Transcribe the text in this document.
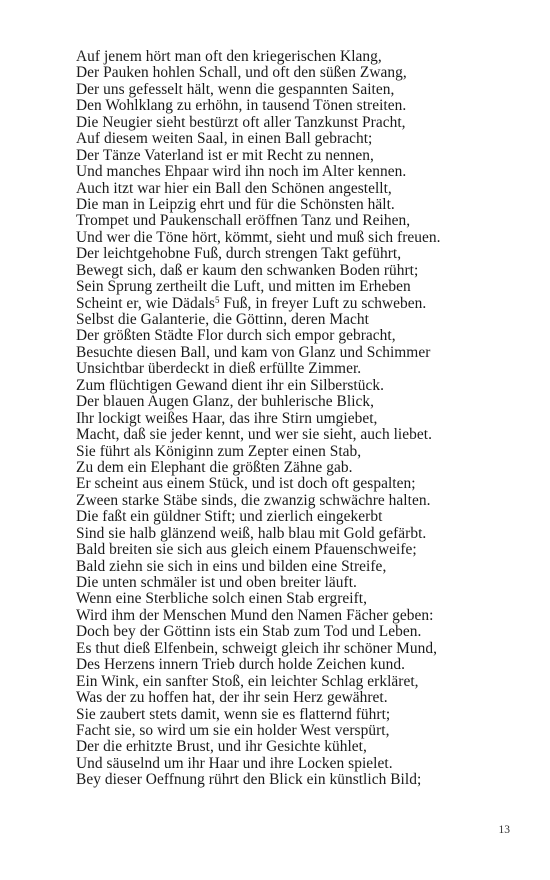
Auf jenem hört man oft den kriegerischen Klang,
Der Pauken hohlen Schall, und oft den süßen Zwang,
Der uns gefesselt hält, wenn die gespannten Saiten,
Den Wohlklang zu erhöhn, in tausend Tönen streiten.
Die Neugier sieht bestürzt oft aller Tanzkunst Pracht,
Auf diesem weiten Saal, in einen Ball gebracht;
Der Tänze Vaterland ist er mit Recht zu nennen,
Und manches Ehpaar wird ihn noch im Alter kennen.
Auch itzt war hier ein Ball den Schönen angestellt,
Die man in Leipzig ehrt und für die Schönsten hält.
Trompet und Paukenschall eröffnen Tanz und Reihen,
Und wer die Töne hört, kömmt, sieht und muß sich freuen.
Der leichtgehobne Fuß, durch strengen Takt geführt,
Bewegt sich, daß er kaum den schwanken Boden rührt;
Sein Sprung zertheilt die Luft, und mitten im Erheben
Scheint er, wie Dädals$^5$ Fuß, in freyer Luft zu schweben.
Selbst die Galanterie, die Göttinn, deren Macht
Der größten Städte Flor durch sich empor gebracht,
Besuchte diesen Ball, und kam von Glanz und Schimmer
Unsichtbar überdeckt in dieß erfüllte Zimmer.
Zum flüchtigen Gewand dient ihr ein Silberstück.
Der blauen Augen Glanz, der buhlerische Blick,
Ihr lockigt weißes Haar, das ihre Stirn umgiebet,
Macht, daß sie jeder kennt, und wer sie sieht, auch liebet.
Sie führt als Königinn zum Zepter einen Stab,
Zu dem ein Elephant die größten Zähne gab.
Er scheint aus einem Stück, und ist doch oft gespalten;
Zween starke Stäbe sinds, die zwanzig schwächre halten.
Die faßt ein güldner Stift; und zierlich eingekerbt
Sind sie halb glänzend weiß, halb blau mit Gold gefärbt.
Bald breiten sie sich aus gleich einem Pfauenschweife;
Bald ziehn sie sich in eins und bilden eine Streife,
Die unten schmäler ist und oben breiter läuft.
Wenn eine Sterbliche solch einen Stab ergreift,
Wird ihm der Menschen Mund den Namen Fächer geben:
Doch bey der Göttinn ists ein Stab zum Tod und Leben.
Es thut dieß Elfenbein, schweigt gleich ihr schöner Mund,
Des Herzens innern Trieb durch holde Zeichen kund.
Ein Wink, ein sanfter Stoß, ein leichter Schlag erkläret,
Was der zu hoffen hat, der ihr sein Herz gewähret.
Sie zaubert stets damit, wenn sie es flatternd führt;
Facht sie, so wird um sie ein holder West verspürt,
Der die erhitzte Brust, und ihr Gesichte kühlet,
Und säuselnd um ihr Haar und ihre Locken spielet.
Bey dieser Oeffnung rührt den Blick ein künstlich Bild;
13
